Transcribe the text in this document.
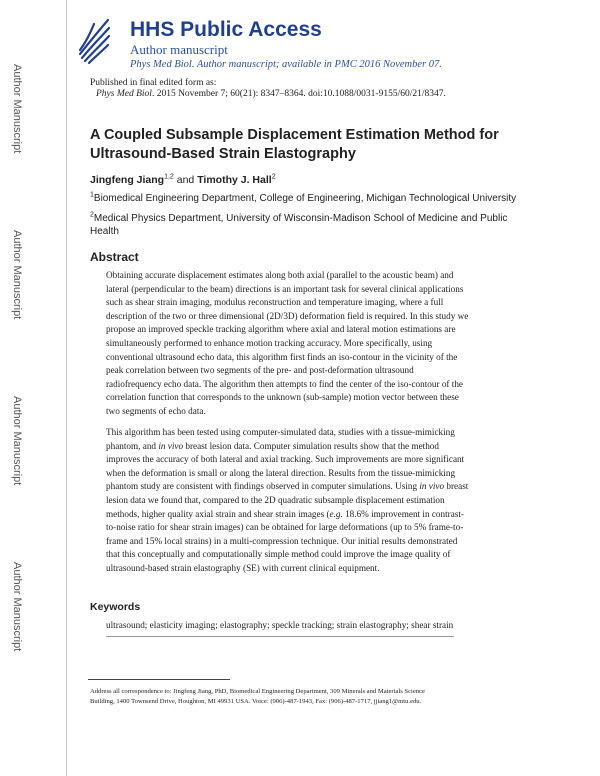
Author Manuscript
Author Manuscript
Author Manuscript
Author Manuscript
HHS Public Access
Author manuscript
Phys Med Biol. Author manuscript; available in PMC 2016 November 07.
Published in final edited form as:
Phys Med Biol. 2015 November 7; 60(21): 8347–8364. doi:10.1088/0031-9155/60/21/8347.
A Coupled Subsample Displacement Estimation Method for
Ultrasound-Based Strain Elastography
Jingfeng Jiang$^{1,2}$ and Timothy J. Hall$^2$
$^1$Biomedical Engineering Department, College of Engineering, Michigan Technological University
$^2$Medical Physics Department, University of Wisconsin-Madison School of Medicine and Public
Health
Abstract
Obtaining accurate displacement estimates along both axial (parallel to the acoustic beam) and
lateral (perpendicular to the beam) directions is an important task for several clinical applications
such as shear strain imaging, modulus reconstruction and temperature imaging, where a full
description of the two or three dimensional (2D/3D) deformation field is required. In this study we
propose an improved speckle tracking algorithm where axial and lateral motion estimations are
simultaneously performed to enhance motion tracking accuracy. More specifically, using
conventional ultrasound echo data, this algorithm first finds an iso-contour in the vicinity of the
peak correlation between two segments of the pre- and post-deformation ultrasound
radiofrequency echo data. The algorithm then attempts to find the center of the iso-contour of the
correlation function that corresponds to the unknown (sub-sample) motion vector between these
two segments of echo data.
This algorithm has been tested using computer-simulated data, studies with a tissue-mimicking
phantom, and in vivo breast lesion data. Computer simulation results show that the method
improves the accuracy of both lateral and axial tracking. Such improvements are more significant
when the deformation is small or along the lateral direction. Results from the tissue-mimicking
phantom study are consistent with findings observed in computer simulations. Using in vivo breast
lesion data we found that, compared to the 2D quadratic subsample displacement estimation
methods, higher quality axial strain and shear strain images (e.g. 18.6% improvement in contrast-
to-noise ratio for shear strain images) can be obtained for large deformations (up to 5% frame-to-
frame and 15% local strains) in a multi-compression technique. Our initial results demonstrated
that this conceptually and computationally simple method could improve the image quality of
ultrasound-based strain elastography (SE) with current clinical equipment.
Keywords
ultrasound; elasticity imaging; elastography; speckle tracking; strain elastography; shear strain
Address all correspondence to: Jingfeng Jiang, PhD, Biomedical Engineering Department, 309 Minerals and Materials Science
Building, 1400 Townsend Drive, Houghton, MI 49931 USA. Voice: (906)-487-1943, Fax: (906)-487-1717, jjiang1@mtu.edu.
